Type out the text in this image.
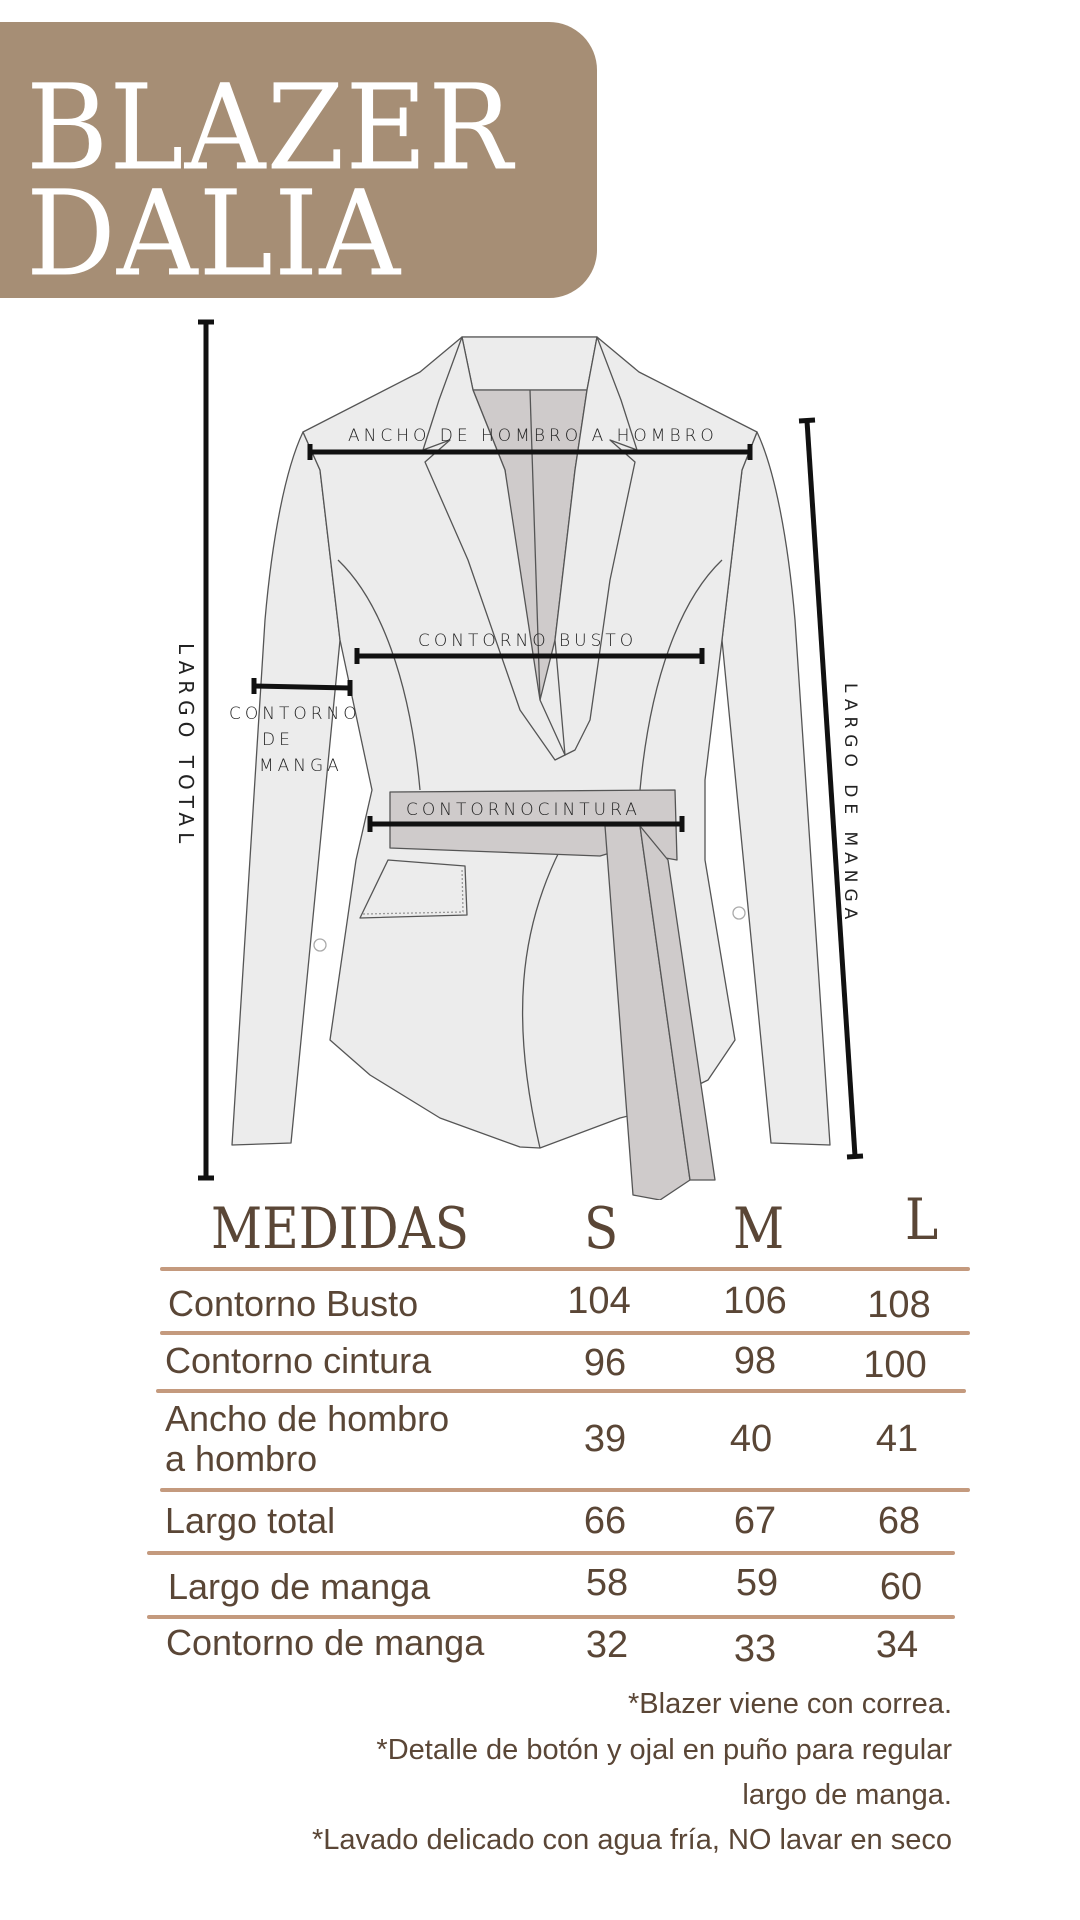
BLAZER
DALIA
ANCHO DE HOMBRO A HOMBRO
CONTORNO BUSTO
CONTORNOCINTURA
CONTORNO
DE
MANGA
LARGO TOTAL	LARGO DE MANGA
MEDIDAS S M L
Contorno Busto	104	106	108
Contorno cintura	96	98	100
Ancho de hombro
a hombro	39	40	41
Largo total	66	67	68
Largo de manga	58	59	60
Contorno de manga	32	33	34
*Blazer viene con correa.
*Detalle de botón y ojal en puño para regular
largo de manga.
*Lavado delicado con agua fría, NO lavar en seco
